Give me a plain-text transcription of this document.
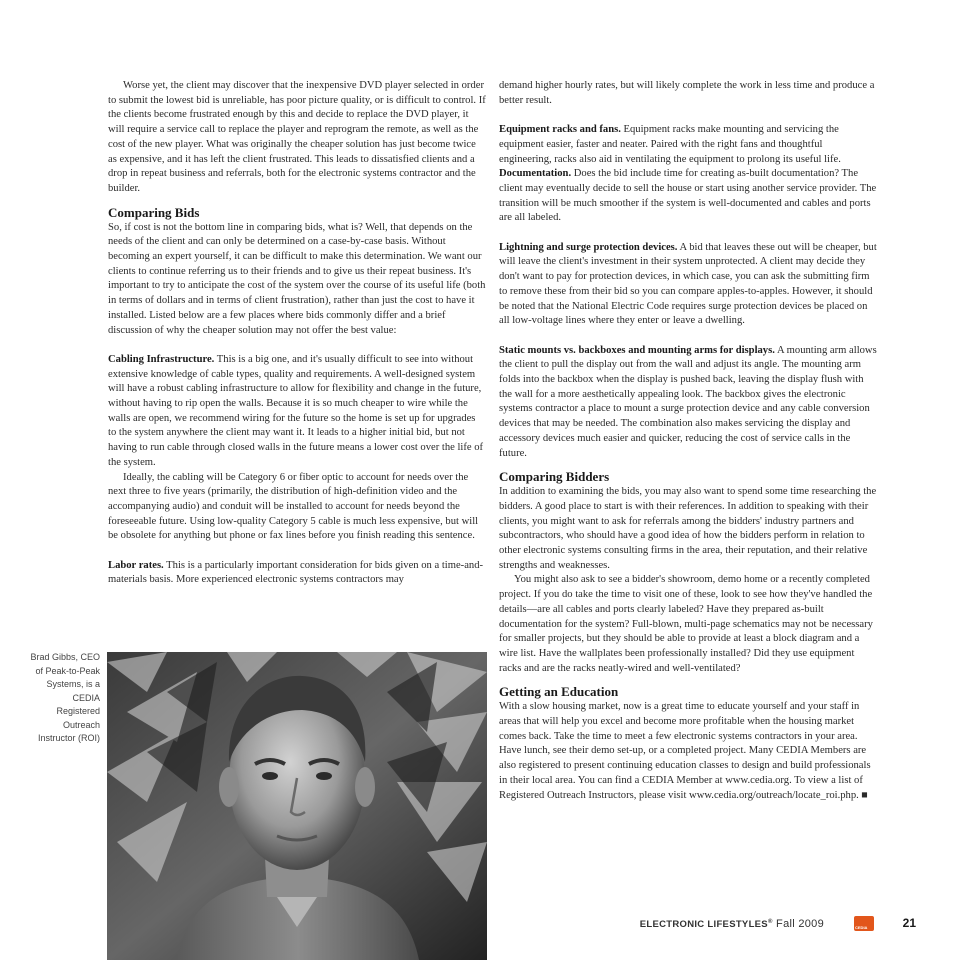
Worse yet, the client may discover that the inexpensive DVD player selected in order to submit the lowest bid is unreliable, has poor picture quality, or is difficult to control. If the clients become frustrated enough by this and decide to replace the DVD player, it will require a service call to replace the player and reprogram the remote, as well as the cost of the new player. What was originally the cheaper solution has just become twice as expensive, and it has left the client frustrated. This leads to dissatisfied clients and a drop in repeat business and referrals, both for the electronic systems contractor and the builder.

Comparing Bids

So, if cost is not the bottom line in comparing bids, what is? Well, that depends on the needs of the client and can only be determined on a case-by-case basis. Without becoming an expert yourself, it can be difficult to make this determination. We want our clients to continue referring us to their friends and to give us their repeat business. It's important to try to anticipate the cost of the system over the course of its useful life (both in terms of dollars and in terms of client frustration), rather than just the cost to have it installed. Listed below are a few places where bids commonly differ and a brief discussion of why the cheaper solution may not offer the best value:

Cabling Infrastructure. This is a big one, and it's usually difficult to see into without extensive knowledge of cable types, quality and requirements. A well-designed system will have a robust cabling infrastructure to allow for flexibility and change in the future, without having to rip open the walls. Because it is so much cheaper to wire while the walls are open, we recommend wiring for the future so the home is set up for upgrades to the system anywhere the client may want it. It leads to a higher initial bid, but not having to run cable through closed walls in the future means a lower cost over the life of the system.

Ideally, the cabling will be Category 6 or fiber optic to account for needs over the next three to five years (primarily, the distribution of high-definition video and the accompanying audio) and conduit will be installed to account for needs beyond the foreseeable future. Using low-quality Category 5 cable is much less expensive, but will be obsolete for anything but phone or fax lines before you finish reading this sentence.

Labor rates. This is a particularly important consideration for bids given on a time-and-materials basis. More experienced electronic systems contractors may

demand higher hourly rates, but will likely complete the work in less time and produce a better result.

Equipment racks and fans. Equipment racks make mounting and servicing the equipment easier, faster and neater. Paired with the right fans and thoughtful engineering, racks also aid in ventilating the equipment to prolong its useful life.

Documentation. Does the bid include time for creating as-built documentation? The client may eventually decide to sell the house or start using another service provider. The transition will be much smoother if the system is well-documented and cables and ports are all labeled.

Lightning and surge protection devices. A bid that leaves these out will be cheaper, but will leave the client's investment in their system unprotected. A client may decide they don't want to pay for protection devices, in which case, you can ask the submitting firm to remove these from their bid so you can compare apples-to-apples. However, it should be noted that the National Electric Code requires surge protection devices be placed on all low-voltage lines where they enter or leave a dwelling.

Static mounts vs. backboxes and mounting arms for displays. A mounting arm allows the client to pull the display out from the wall and adjust its angle. The mounting arm folds into the backbox when the display is pushed back, leaving the display flush with the wall for a more aesthetically appealing look. The backbox gives the electronic systems contractor a place to mount a surge protection device and any cable conversion devices that may be needed. The combination also makes servicing the display and accessory devices much easier and quicker, reducing the cost of service calls in the future.

Comparing Bidders

In addition to examining the bids, you may also want to spend some time researching the bidders. A good place to start is with their references. In addition to speaking with their clients, you might want to ask for referrals among the bidders' industry partners and subcontractors, who should have a good idea of how the bidders perform in relation to other electronic systems consulting firms in the area, their reputation, and their relative strengths and weaknesses.

You might also ask to see a bidder's showroom, demo home or a recently completed project. If you do take the time to visit one of these, look to see how they've handled the details—are all cables and ports clearly labeled? Have they prepared as-built documentation for the system? Full-blown, multi-page schematics may not be necessary for smaller projects, but they should be able to provide at least a block diagram and a wire list. Have the wallplates been professionally installed? Did they use equipment racks and are the racks neatly-wired and well-ventilated?

Getting an Education

With a slow housing market, now is a great time to educate yourself and your staff in areas that will help you excel and become more profitable when the housing market comes back. Take the time to meet a few electronic systems contractors in your area. Have lunch, see their demo set-up, or a completed project. Many CEDIA Members are also registered to present continuing education classes to design and build professionals in their local area. You can find a CEDIA Member at www.cedia.org. To view a list of Registered Outreach Instructors, please visit www.cedia.org/outreach/locate_roi.php. ■

Brad Gibbs, CEO of Peak-to-Peak Systems, is a CEDIA Registered Outreach Instructor (ROI)
ELECTRONIC LIFESTYLES® Fall 2009	CEDIA	21
